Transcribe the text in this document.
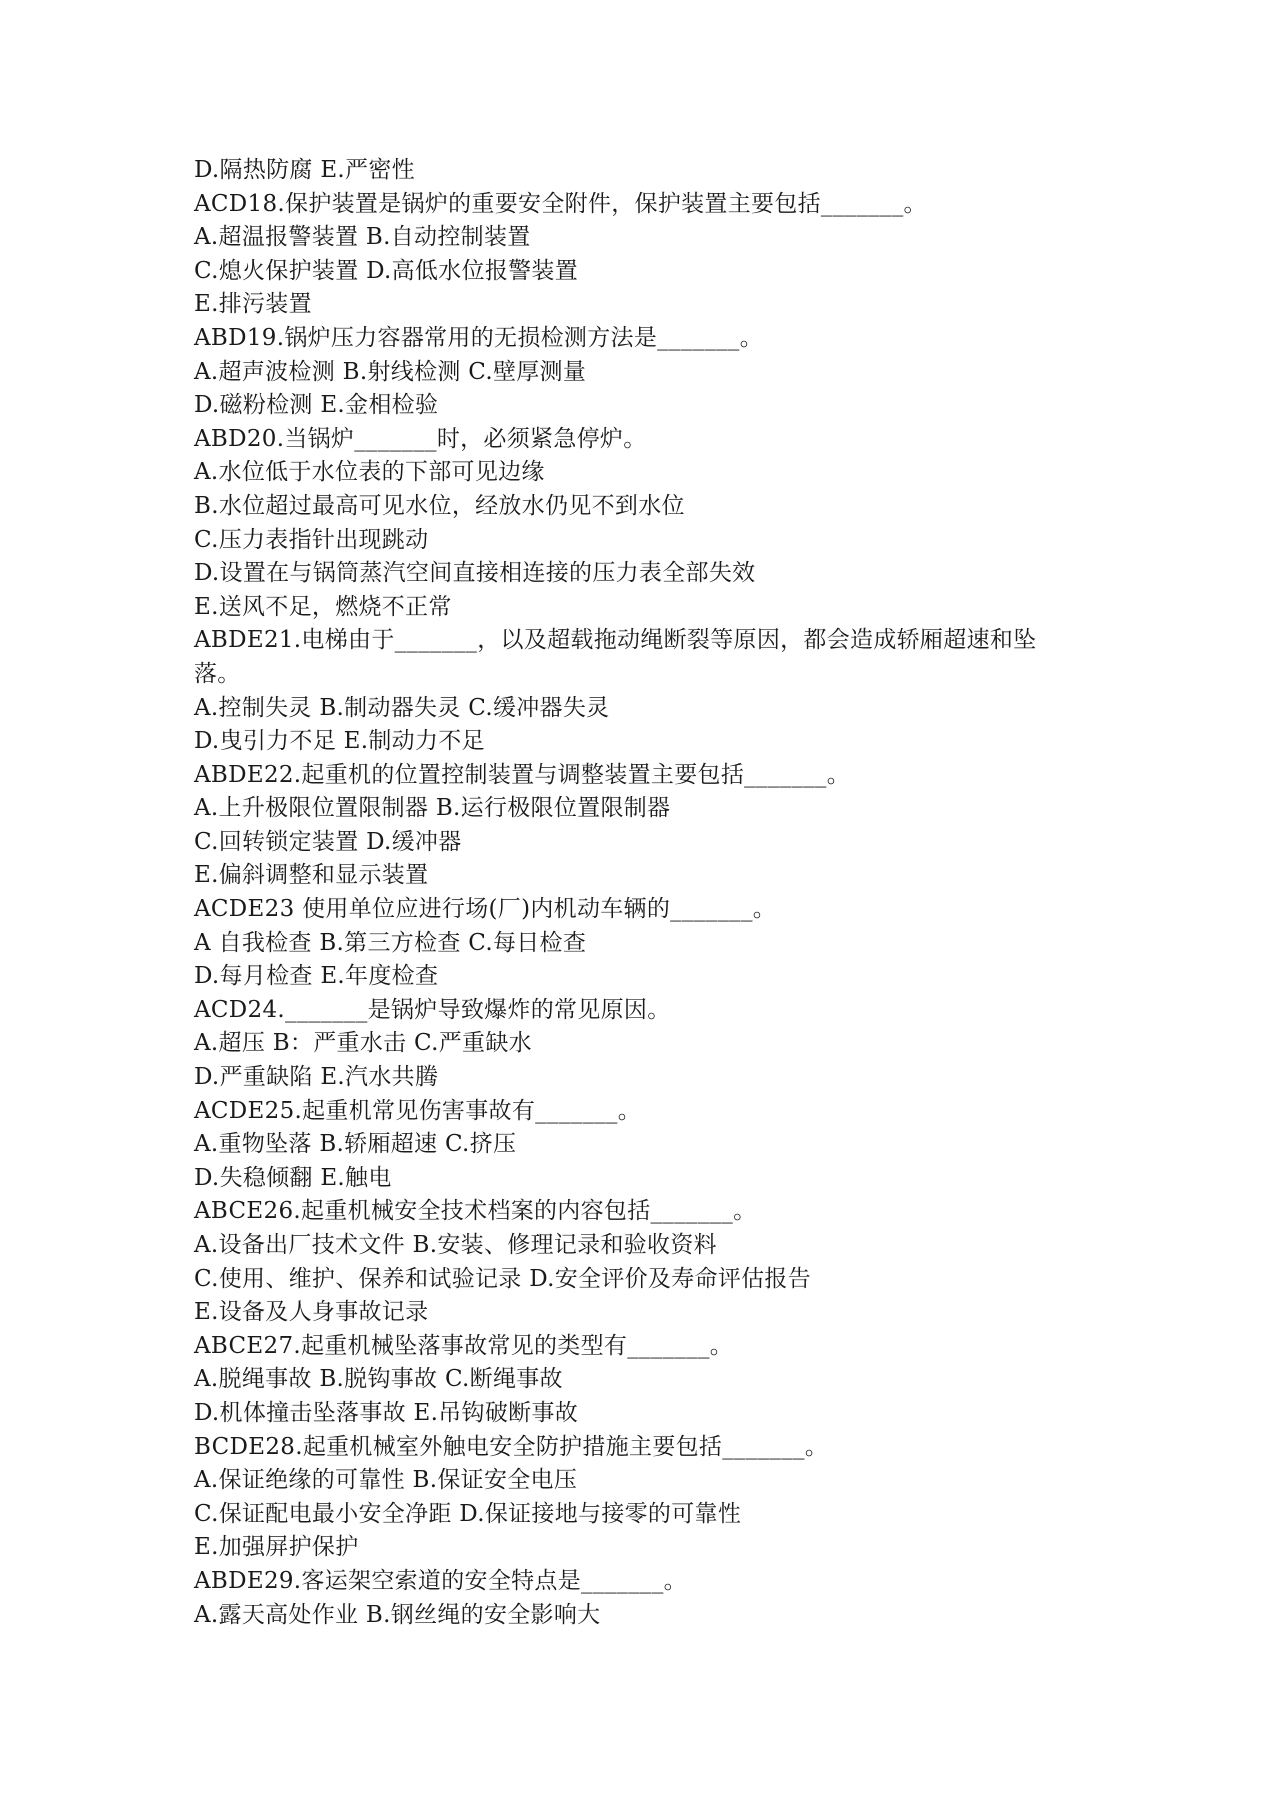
D.隔热防腐 E.严密性
ACD18.保护装置是锅炉的重要安全附件，保护装置主要包括_______。
A.超温报警装置 B.自动控制装置
C.熄火保护装置 D.高低水位报警装置
E.排污装置
ABD19.锅炉压力容器常用的无损检测方法是_______。
A.超声波检测 B.射线检测 C.壁厚测量
D.磁粉检测 E.金相检验
ABD20.当锅炉_______时，必须紧急停炉。
A.水位低于水位表的下部可见边缘
B.水位超过最高可见水位，经放水仍见不到水位
C.压力表指针出现跳动
D.设置在与锅筒蒸汽空间直接相连接的压力表全部失效
E.送风不足，燃烧不正常
ABDE21.电梯由于_______，以及超载拖动绳断裂等原因，都会造成轿厢超速和坠
落。
A.控制失灵 B.制动器失灵 C.缓冲器失灵
D.曳引力不足 E.制动力不足
ABDE22.起重机的位置控制装置与调整装置主要包括_______。
A.上升极限位置限制器 B.运行极限位置限制器
C.回转锁定装置 D.缓冲器
E.偏斜调整和显示装置
ACDE23 使用单位应进行场(厂)内机动车辆的_______。
A 自我检查 B.第三方检查 C.每日检查
D.每月检查 E.年度检查
ACD24._______是锅炉导致爆炸的常见原因。
A.超压 B：严重水击 C.严重缺水
D.严重缺陷 E.汽水共腾
ACDE25.起重机常见伤害事故有_______。
A.重物坠落 B.轿厢超速 C.挤压
D.失稳倾翻 E.触电
ABCE26.起重机械安全技术档案的内容包括_______。
A.设备出厂技术文件 B.安装、修理记录和验收资料
C.使用、维护、保养和试验记录 D.安全评价及寿命评估报告
E.设备及人身事故记录
ABCE27.起重机械坠落事故常见的类型有_______。
A.脱绳事故 B.脱钩事故 C.断绳事故
D.机体撞击坠落事故 E.吊钩破断事故
BCDE28.起重机械室外触电安全防护措施主要包括_______。
A.保证绝缘的可靠性 B.保证安全电压
C.保证配电最小安全净距 D.保证接地与接零的可靠性
E.加强屏护保护
ABDE29.客运架空索道的安全特点是_______。
A.露天高处作业 B.钢丝绳的安全影响大
